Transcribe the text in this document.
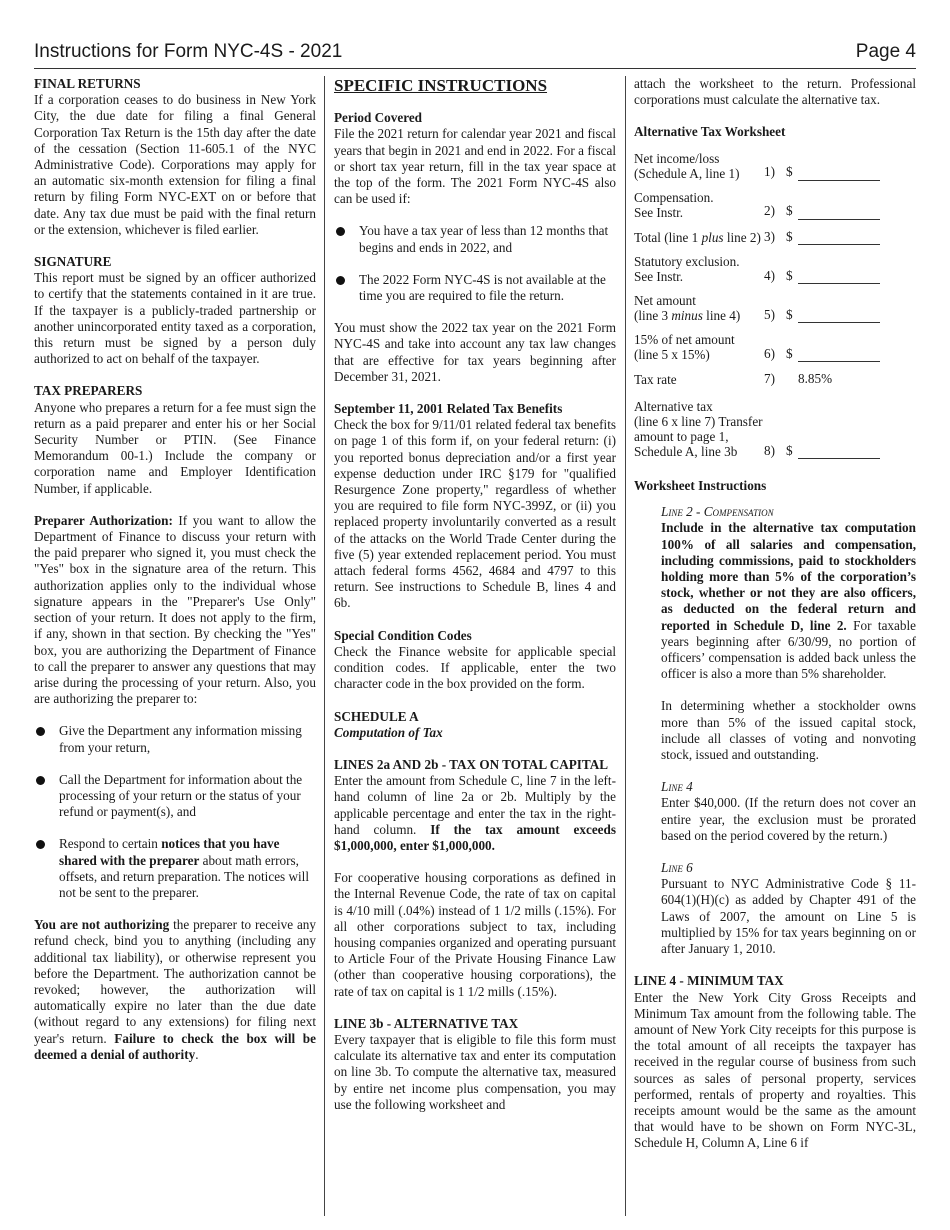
Instructions for Form NYC-4S - 2021	Page 4

FINAL RETURNS

If a corporation ceases to do business in New York City, the due date for filing a final General Corporation Tax Return is the 15th day after the date of the cessation (Section 11-605.1 of the NYC Administrative Code). Corporations may apply for an automatic six-month extension for filing a final return by filing Form NYC-EXT on or before that date. Any tax due must be paid with the final return or the extension, whichever is filed earlier.

SIGNATURE

This report must be signed by an officer authorized to certify that the statements contained in it are true. If the taxpayer is a publicly-traded partnership or another unincorporated entity taxed as a corporation, this return must be signed by a person duly authorized to act on behalf of the taxpayer.

TAX PREPARERS

Anyone who prepares a return for a fee must sign the return as a paid preparer and enter his or her Social Security Number or PTIN. (See Finance Memorandum 00-1.) Include the company or corporation name and Employer Identification Number, if applicable.

Preparer Authorization: If you want to allow the Department of Finance to discuss your return with the paid preparer who signed it, you must check the "Yes" box in the signature area of the return. This authorization applies only to the individual whose signature appears in the "Preparer's Use Only" section of your return. It does not apply to the firm, if any, shown in that section. By checking the "Yes" box, you are authorizing the Department of Finance to call the preparer to answer any questions that may arise during the processing of your return. Also, you are authorizing the preparer to:

Give the Department any information missing from your return,
Call the Department for information about the processing of your return or the status of your refund or payment(s), and
Respond to certain notices that you have shared with the preparer about math errors, offsets, and return preparation. The notices will not be sent to the preparer.

You are not authorizing the preparer to receive any refund check, bind you to anything (including any additional tax liability), or otherwise represent you before the Department. The authorization cannot be revoked; however, the authorization will automatically expire no later than the due date (without regard to any extensions) for filing next year's return. Failure to check the box will be deemed a denial of authority.

SPECIFIC INSTRUCTIONS

Period Covered

File the 2021 return for calendar year 2021 and fiscal years that begin in 2021 and end in 2022. For a fiscal or short tax year return, fill in the tax year space at the top of the form. The 2021 Form NYC-4S also can be used if:

You have a tax year of less than 12 months that begins and ends in 2022, and
The 2022 Form NYC-4S is not available at the time you are required to file the return.

You must show the 2022 tax year on the 2021 Form NYC-4S and take into account any tax law changes that are effective for tax years beginning after December 31, 2021.

September 11, 2001 Related Tax Benefits

Check the box for 9/11/01 related federal tax benefits on page 1 of this form if, on your federal return: (i) you reported bonus depreciation and/or a first year expense deduction under IRC §179 for "qualified Resurgence Zone property," regardless of whether you are required to file form NYC-399Z, or (ii) you replaced property involuntarily converted as a result of the attacks on the World Trade Center during the five (5) year extended replacement period. You must attach federal forms 4562, 4684 and 4797 to this return. See instructions to Schedule B, lines 4 and 6b.

Special Condition Codes

Check the Finance website for applicable special condition codes. If applicable, enter the two character code in the box provided on the form.

SCHEDULE A

Computation of Tax

LINES 2a AND 2b - TAX ON TOTAL CAPITAL

Enter the amount from Schedule C, line 7 in the left-hand column of line 2a or 2b. Multiply by the applicable percentage and enter the tax in the right-hand column. If the tax amount exceeds $1,000,000, enter $1,000,000.

For cooperative housing corporations as defined in the Internal Revenue Code, the rate of tax on capital is 4/10 mill (.04%) instead of 1 1/2 mills (.15%). For all other corporations subject to tax, including housing companies organized and operating pursuant to Article Four of the Private Housing Finance Law (other than cooperative housing corporations), the rate of tax on capital is 1 1/2 mills (.15%).

LINE 3b - ALTERNATIVE TAX

Every taxpayer that is eligible to file this form must calculate its alternative tax and enter its computation on line 3b. To compute the alternative tax, measured by entire net income plus compensation, you may use the following worksheet and

attach the worksheet to the return. Professional corporations must calculate the alternative tax.

Alternative Tax Worksheet

Net income/loss
(Schedule A, line 1)	1) $
Compensation.
See Instr.	2) $
Total (line 1 plus line 2) 3) $
Statutory exclusion.
See Instr.	4) $
Net amount
(line 3 minus line 4)	5) $
15% of net amount
(line 5 x 15%)	6) $
Tax rate	7)	8.85%
Alternative tax
(line 6 x line 7) Transfer
amount to page 1,
Schedule A, line 3b	8) $

Worksheet Instructions

Line 2 - Compensation

Include in the alternative tax computation 100% of all salaries and compensation, including commissions, paid to stockholders holding more than 5% of the corporation’s stock, whether or not they are also officers, as deducted on the federal return and reported in Schedule D, line 2. For taxable years beginning after 6/30/99, no portion of officers’ compensation is added back unless the officer is also a more than 5% shareholder.

In determining whether a stockholder owns more than 5% of the issued capital stock, include all classes of voting and nonvoting stock, issued and outstanding.

Line 4

Enter $40,000. (If the return does not cover an entire year, the exclusion must be prorated based on the period covered by the return.)

Line 6

Pursuant to NYC Administrative Code § 11-604(1)(H)(c) as added by Chapter 491 of the Laws of 2007, the amount on Line 5 is multiplied by 15% for tax years beginning on or after January 1, 2010.

LINE 4 - MINIMUM TAX

Enter the New York City Gross Receipts and Minimum Tax amount from the following table. The amount of New York City receipts for this purpose is the total amount of all receipts the taxpayer has received in the regular course of business from such sources as sales of personal property, services performed, rentals of property and royalties. This receipts amount would be the same as the amount that would have to be shown on Form NYC-3L, Schedule H, Column A, Line 6 if
